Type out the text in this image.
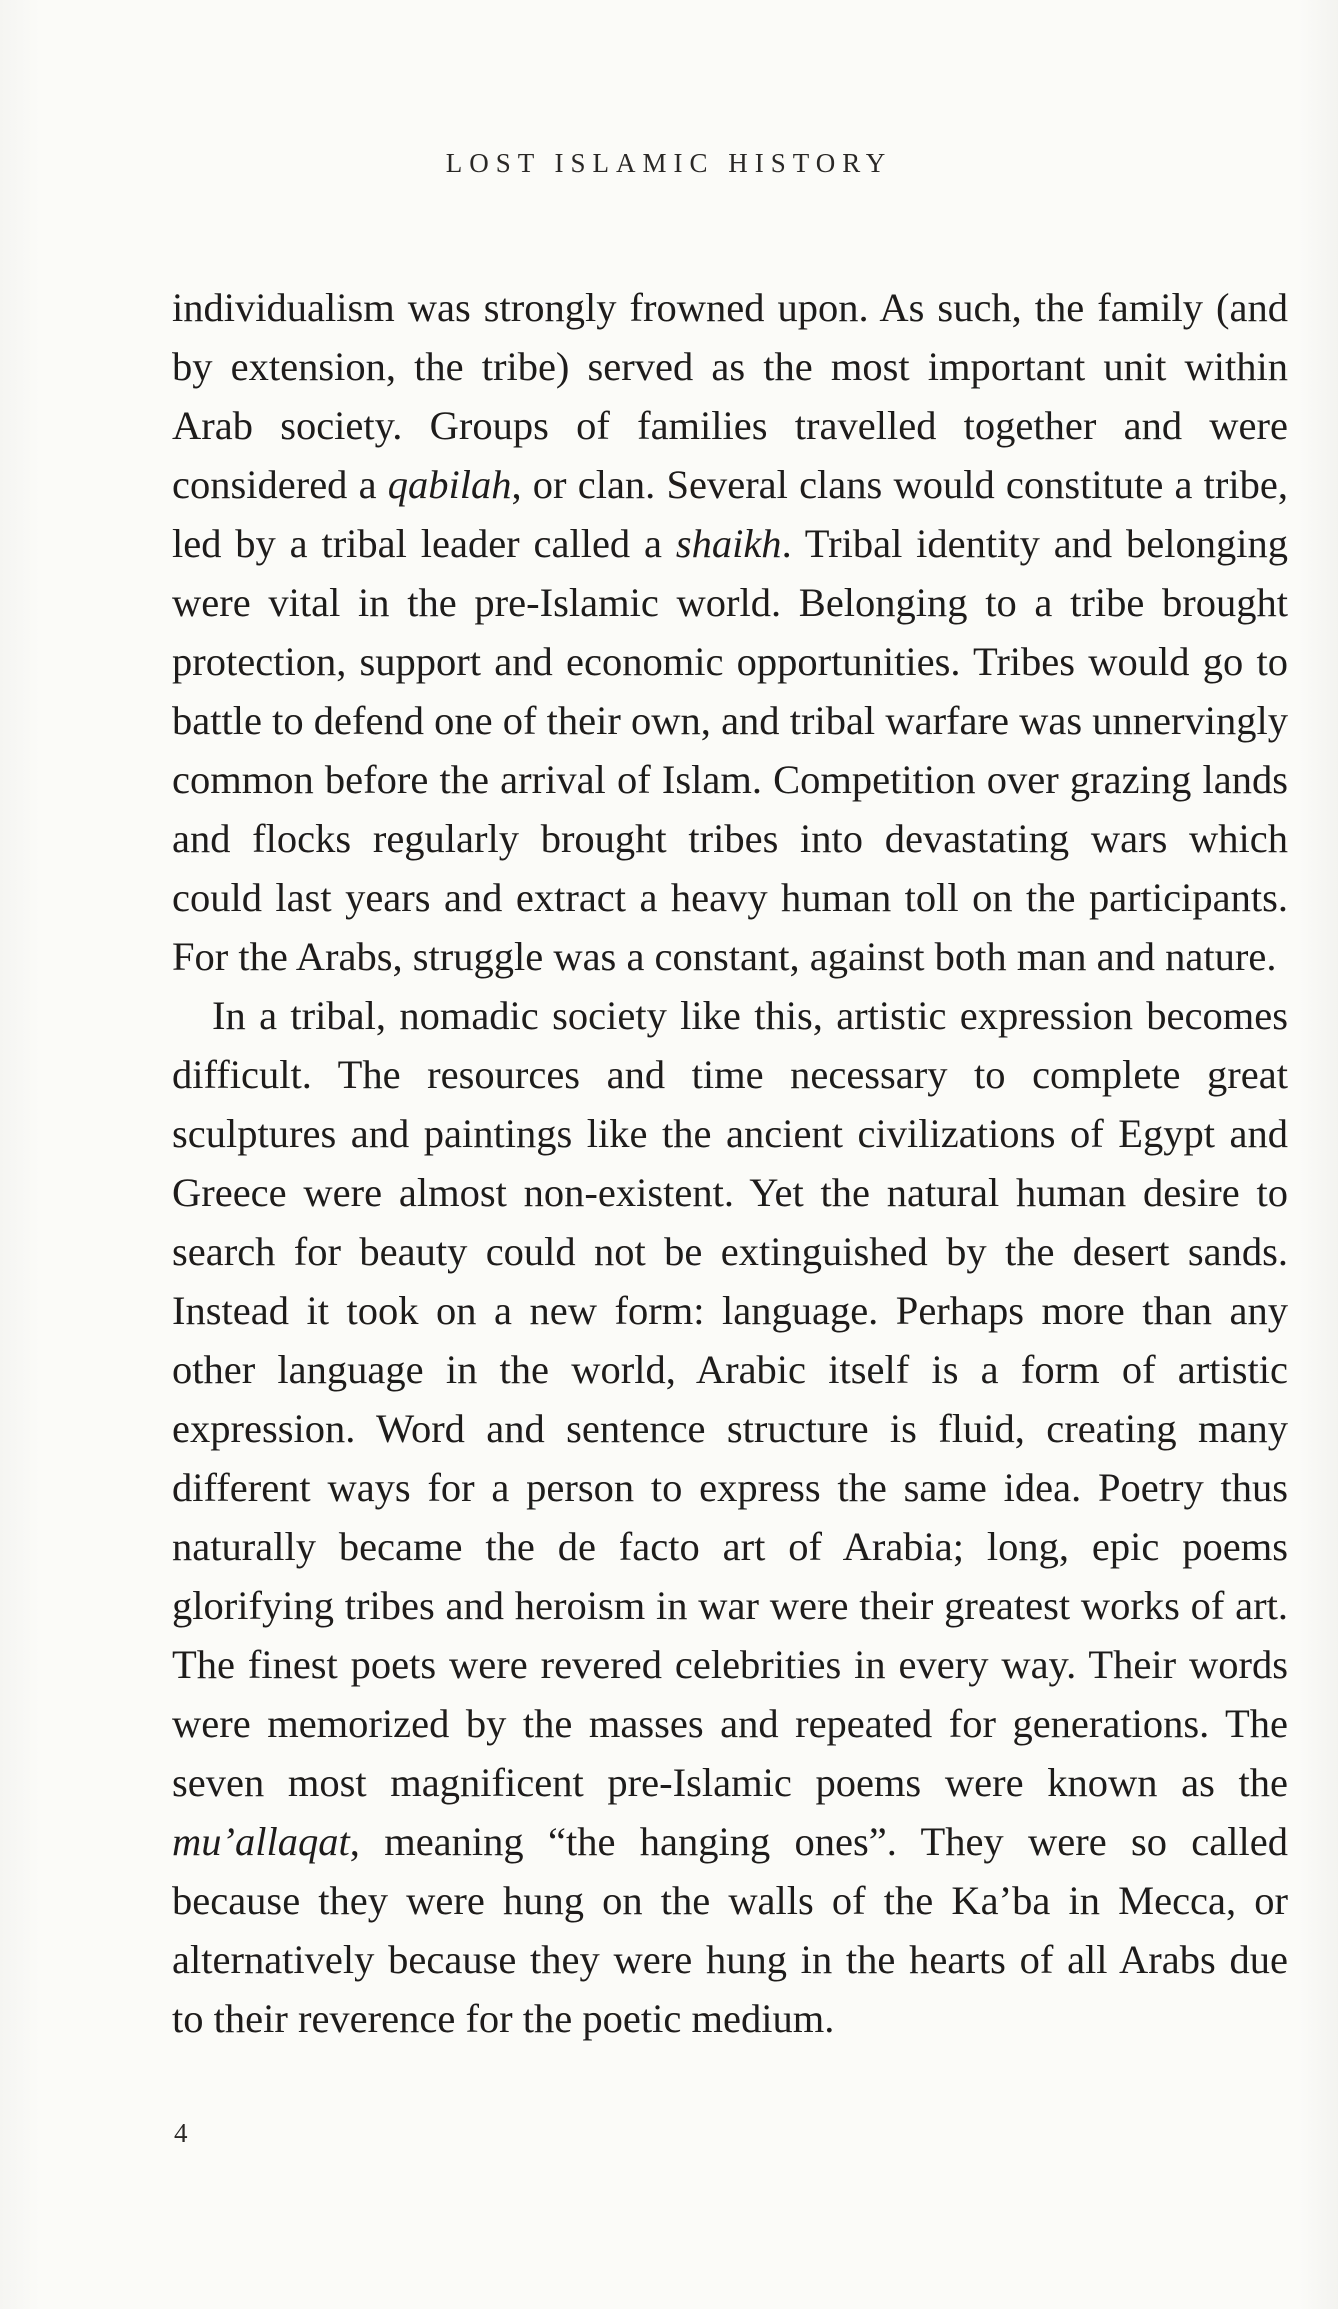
LOST ISLAMIC HISTORY

individualism was strongly frowned upon. As such, the family (and by extension, the tribe) served as the most important unit within Arab society. Groups of families travelled together and were considered a qabilah, or clan. Several clans would constitute a tribe, led by a tribal leader called a shaikh. Tribal identity and belonging were vital in the pre-Islamic world. Belonging to a tribe brought protection, support and economic opportunities. Tribes would go to battle to defend one of their own, and tribal warfare was unnervingly common before the arrival of Islam. Competition over grazing lands and flocks regularly brought tribes into devastating wars which could last years and extract a heavy human toll on the participants. For the Arabs, struggle was a constant, against both man and nature.

In a tribal, nomadic society like this, artistic expression becomes difficult. The resources and time necessary to complete great sculptures and paintings like the ancient civilizations of Egypt and Greece were almost non-existent. Yet the natural human desire to search for beauty could not be extinguished by the desert sands. Instead it took on a new form: language. Perhaps more than any other language in the world, Arabic itself is a form of artistic expression. Word and sentence structure is fluid, creating many different ways for a person to express the same idea. Poetry thus naturally became the de facto art of Arabia; long, epic poems glorifying tribes and heroism in war were their greatest works of art. The finest poets were revered celebrities in every way. Their words were memorized by the masses and repeated for generations. The seven most magnificent pre-Islamic poems were known as the mu’allaqat, meaning “the hanging ones”. They were so called because they were hung on the walls of the Ka’ba in Mecca, or alternatively because they were hung in the hearts of all Arabs due to their reverence for the poetic medium.

4
